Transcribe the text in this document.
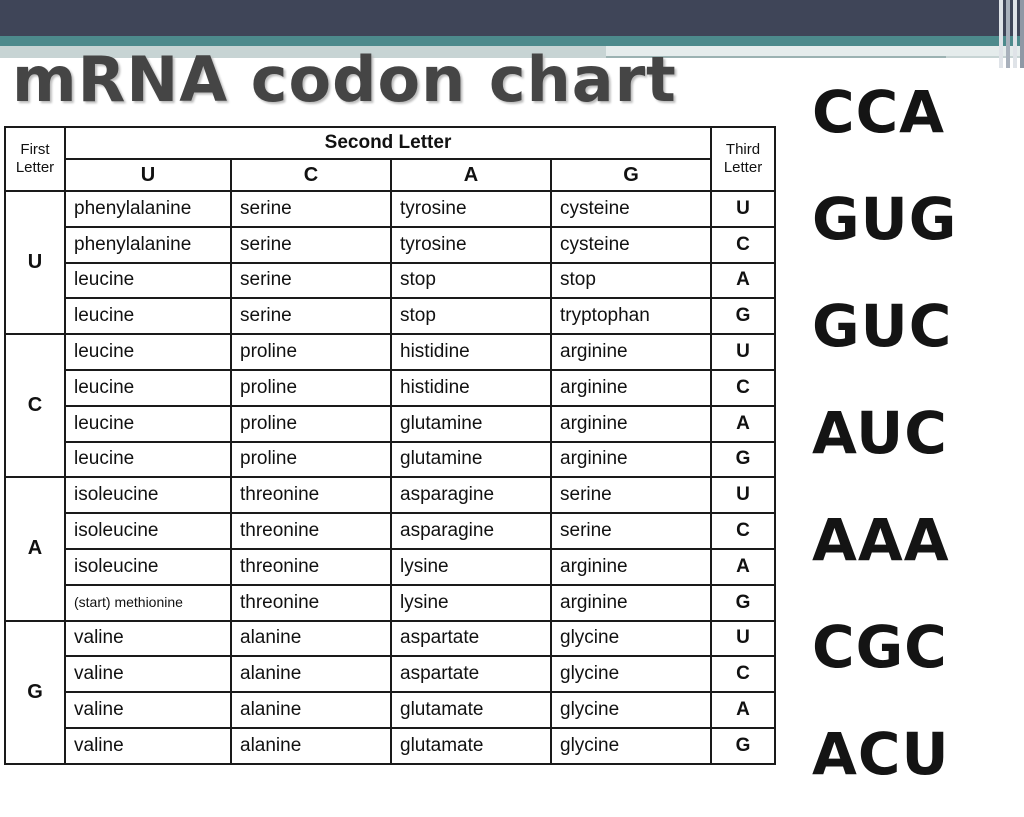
mRNA codon chart
First Letter	Second Letter				Third Letter
	U	C	A	G	
U	phenylalanine	serine	tyrosine	cysteine	U
	phenylalanine	serine	tyrosine	cysteine	C
	leucine	serine	stop	stop	A
	leucine	serine	stop	tryptophan	G
C	leucine	proline	histidine	arginine	U
	leucine	proline	histidine	arginine	C
	leucine	proline	glutamine	arginine	A
	leucine	proline	glutamine	arginine	G
A	isoleucine	threonine	asparagine	serine	U
	isoleucine	threonine	asparagine	serine	C
	isoleucine	threonine	lysine	arginine	A
	(start) methionine	threonine	lysine	arginine	G
G	valine	alanine	aspartate	glycine	U
	valine	alanine	aspartate	glycine	C
	valine	alanine	glutamate	glycine	A
	valine	alanine	glutamate	glycine	G
CCA
GUG
GUC
AUC
AAA
CGC
ACU
